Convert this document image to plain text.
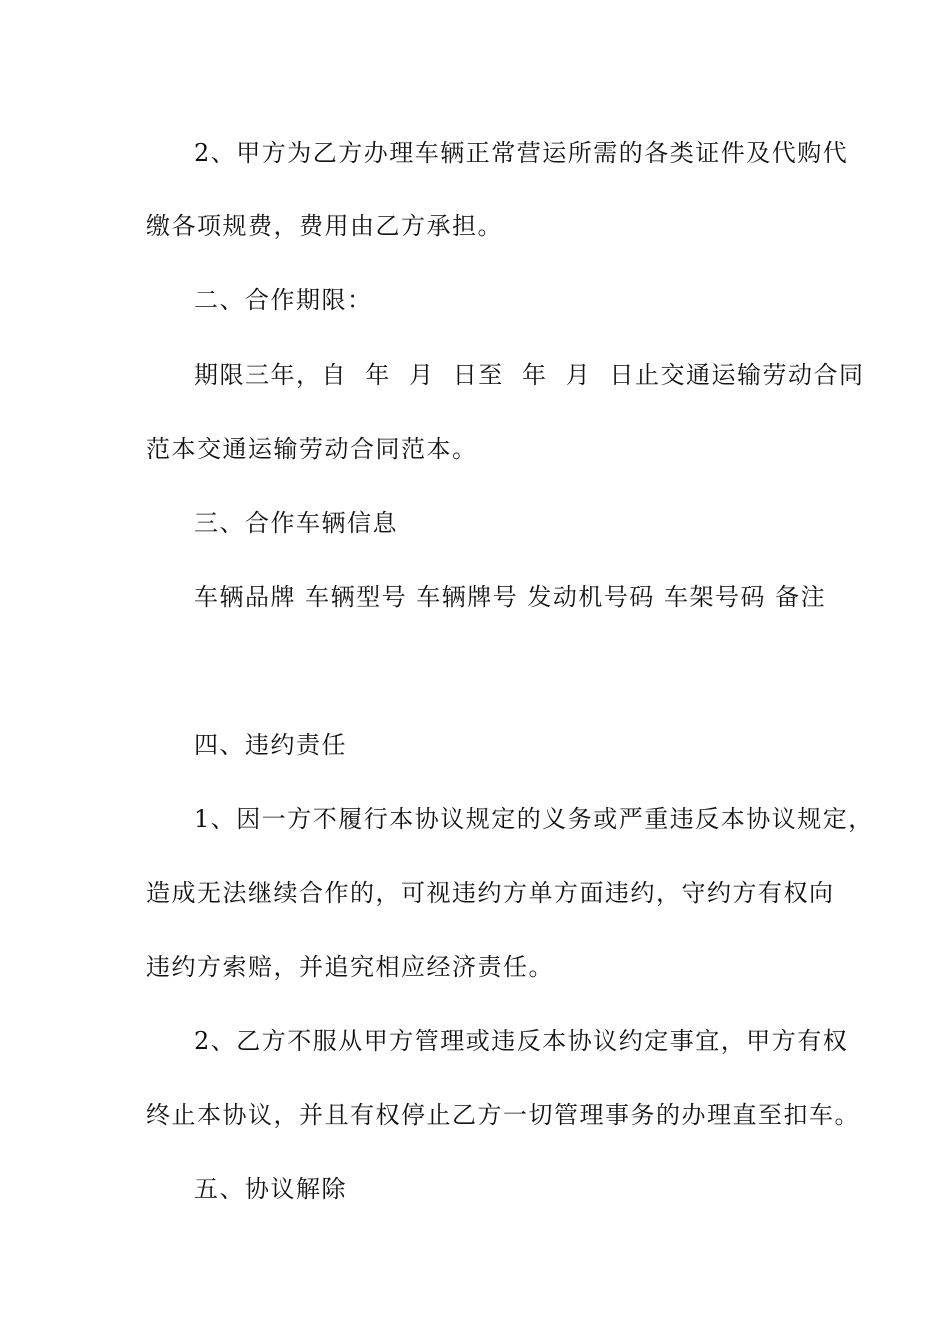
2、甲方为乙方办理车辆正常营运所需的各类证件及代购代
缴各项规费，费用由乙方承担。
二、合作期限：
期限三年，自  年  月  日至  年  月  日止交通运输劳动合同
范本交通运输劳动合同范本。
三、合作车辆信息
车辆品牌 车辆型号 车辆牌号 发动机号码 车架号码 备注
四、违约责任
1、因一方不履行本协议规定的义务或严重违反本协议规定，
造成无法继续合作的，可视违约方单方面违约，守约方有权向
违约方索赔，并追究相应经济责任。
2、乙方不服从甲方管理或违反本协议约定事宜，甲方有权
终止本协议，并且有权停止乙方一切管理事务的办理直至扣车。
五、协议解除
